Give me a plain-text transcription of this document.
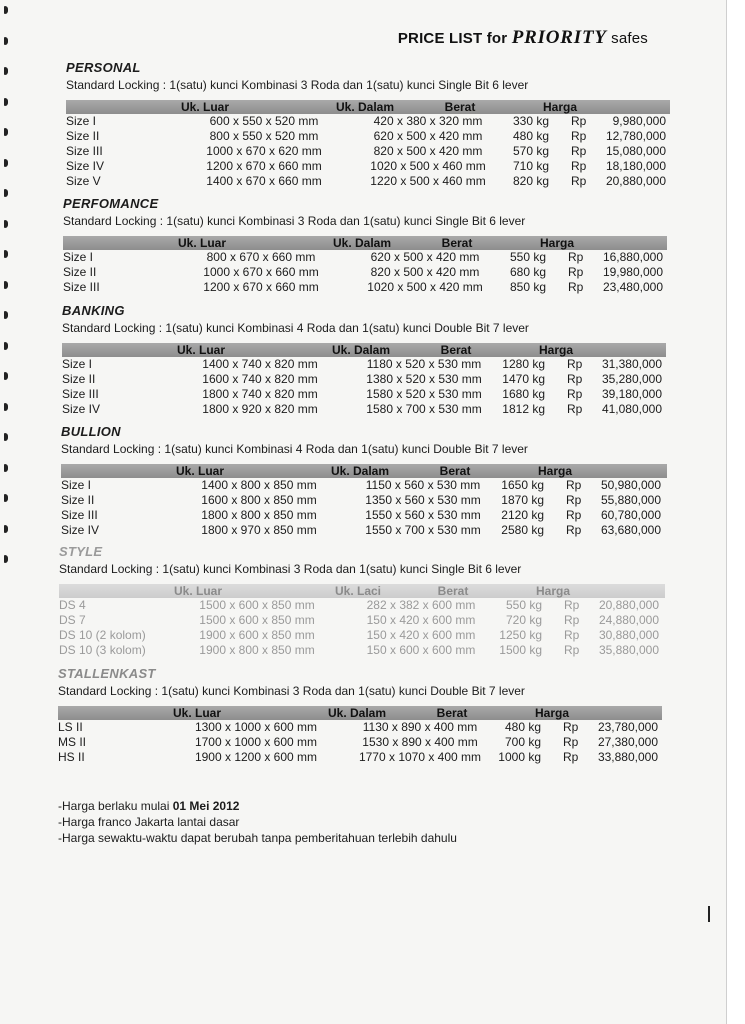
PRICE LIST for PRIORITY safes
PERSONAL
Standard Locking : 1(satu) kunci Kombinasi 3 Roda dan 1(satu) kunci Single Bit 6 lever
Uk. Luar	Uk. Dalam	Berat	Harga
Size I	600 x 550 x 520 mm	420 x 380 x 320 mm	330 kg Rp	9,980,000
Size II	800 x 550 x 520 mm	620 x 500 x 420 mm	480 kg Rp	12,780,000
Size III	1000 x 670 x 620 mm	820 x 500 x 420 mm	570 kg Rp	15,080,000
Size IV	1200 x 670 x 660 mm	1020 x 500 x 460 mm	710 kg Rp	18,180,000
Size V	1400 x 670 x 660 mm	1220 x 500 x 460 mm	820 kg Rp	20,880,000
PERFOMANCE
Standard Locking : 1(satu) kunci Kombinasi 3 Roda dan 1(satu) kunci Single Bit 6 lever
Uk. Luar	Uk. Dalam	Berat	Harga
Size I	800 x 670 x 660 mm	620 x 500 x 420 mm	550 kg Rp	16,880,000
Size II	1000 x 670 x 660 mm	820 x 500 x 420 mm	680 kg Rp	19,980,000
Size III	1200 x 670 x 660 mm	1020 x 500 x 420 mm	850 kg Rp	23,480,000
BANKING
Standard Locking : 1(satu) kunci Kombinasi 4 Roda dan 1(satu) kunci Double Bit 7 lever
Uk. Luar	Uk. Dalam	Berat	Harga
Size I	1400 x 740 x 820 mm	1180 x 520 x 530 mm	1280 kg Rp	31,380,000
Size II	1600 x 740 x 820 mm	1380 x 520 x 530 mm	1470 kg Rp	35,280,000
Size III	1800 x 740 x 820 mm	1580 x 520 x 530 mm	1680 kg Rp	39,180,000
Size IV	1800 x 920 x 820 mm	1580 x 700 x 530 mm	1812 kg Rp	41,080,000
BULLION
Standard Locking : 1(satu) kunci Kombinasi 4 Roda dan 1(satu) kunci Double Bit 7 lever
Uk. Luar	Uk. Dalam	Berat	Harga
Size I	1400 x 800 x 850 mm	1150 x 560 x 530 mm	1650 kg Rp	50,980,000
Size II	1600 x 800 x 850 mm	1350 x 560 x 530 mm	1870 kg Rp	55,880,000
Size III	1800 x 800 x 850 mm	1550 x 560 x 530 mm	2120 kg Rp	60,780,000
Size IV	1800 x 970 x 850 mm	1550 x 700 x 530 mm	2580 kg Rp	63,680,000
STYLE
Standard Locking : 1(satu) kunci Kombinasi 3 Roda dan 1(satu) kunci Single Bit 6 lever
Uk. Luar	Uk. Laci	Berat	Harga
DS 4	1500 x 600 x 850 mm	282 x 382 x 600 mm	550 kg Rp	20,880,000
DS 7	1500 x 600 x 850 mm	150 x 420 x 600 mm	720 kg Rp	24,880,000
DS 10 (2 kolom)	1900 x 600 x 850 mm	150 x 420 x 600 mm	1250 kg Rp	30,880,000
DS 10 (3 kolom)	1900 x 800 x 850 mm	150 x 600 x 600 mm	1500 kg Rp	35,880,000
STALLENKAST
Standard Locking : 1(satu) kunci Kombinasi 3 Roda dan 1(satu) kunci Double Bit 7 lever
Uk. Luar	Uk. Dalam	Berat	Harga
LS II	1300 x 1000 x 600 mm	1130 x 890 x 400 mm	480 kg Rp	23,780,000
MS II	1700 x 1000 x 600 mm	1530 x 890 x 400 mm	700 kg Rp	27,380,000
HS II	1900 x 1200 x 600 mm	1770 x 1070 x 400 mm	1000 kg Rp	33,880,000
-Harga berlaku mulai 01 Mei 2012
-Harga franco Jakarta lantai dasar
-Harga sewaktu-waktu dapat berubah tanpa pemberitahuan terlebih dahulu
